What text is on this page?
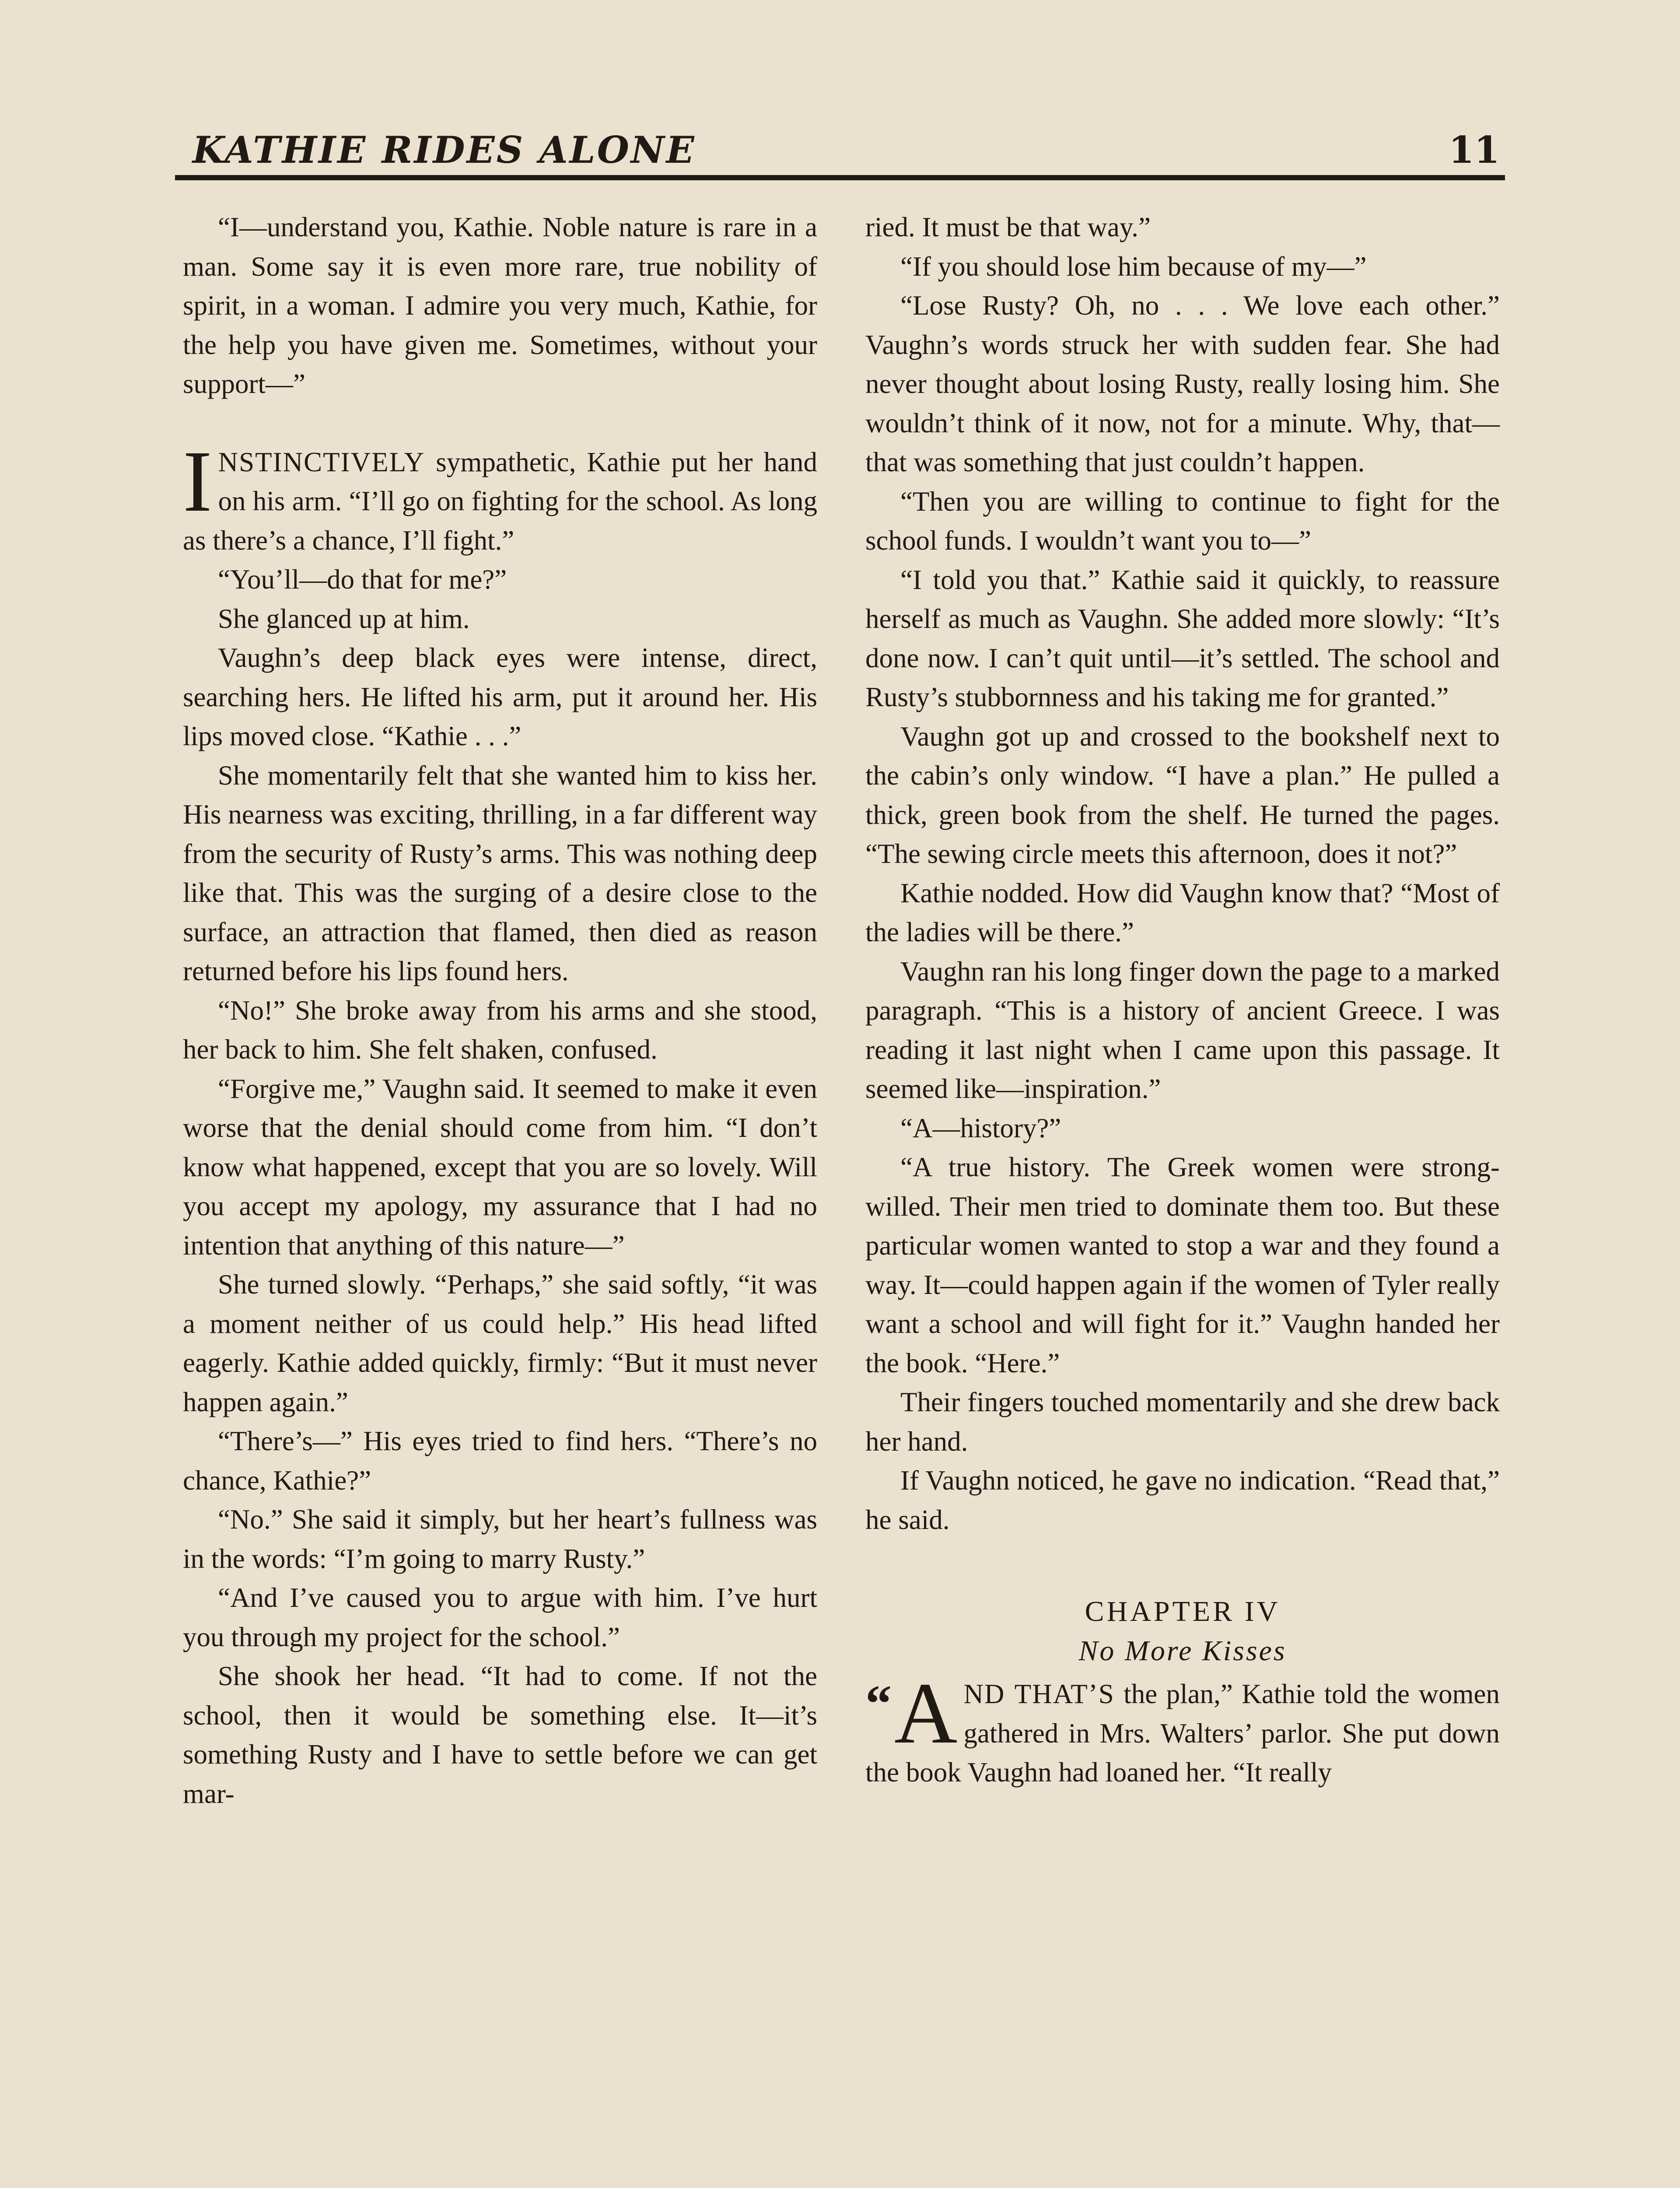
KATHIE RIDES ALONE	11

“I—understand you, Kathie. Noble nature is rare in a man. Some say it is even more rare, true nobility of spirit, in a woman. I admire you very much, Kathie, for the help you have given me. Sometimes, without your support—”

INSTINCTIVELY sympathetic, Kathie put her hand on his arm. “I’ll go on fighting for the school. As long as there’s a chance, I’ll fight.”

“You’ll—do that for me?”

She glanced up at him.

Vaughn’s deep black eyes were intense, direct, searching hers. He lifted his arm, put it around her. His lips moved close. “Kathie . . .”

She momentarily felt that she wanted him to kiss her. His nearness was exciting, thrilling, in a far different way from the security of Rusty’s arms. This was nothing deep like that. This was the surging of a desire close to the surface, an attraction that flamed, then died as reason returned before his lips found hers.

“No!” She broke away from his arms and she stood, her back to him. She felt shaken, confused.

“Forgive me,” Vaughn said. It seemed to make it even worse that the denial should come from him. “I don’t know what happened, except that you are so lovely. Will you accept my apology, my assurance that I had no intention that anything of this nature—”

She turned slowly. “Perhaps,” she said softly, “it was a moment neither of us could help.” His head lifted eagerly. Kathie added quickly, firmly: “But it must never happen again.”

“There’s—” His eyes tried to find hers. “There’s no chance, Kathie?”

“No.” She said it simply, but her heart’s fullness was in the words: “I’m going to marry Rusty.”

“And I’ve caused you to argue with him. I’ve hurt you through my project for the school.”

She shook her head. “It had to come. If not the school, then it would be something else. It—it’s something Rusty and I have to settle before we can get mar-

ried. It must be that way.”

“If you should lose him because of my—”

“Lose Rusty? Oh, no . . . We love each other.” Vaughn’s words struck her with sudden fear. She had never thought about losing Rusty, really losing him. She wouldn’t think of it now, not for a minute. Why, that—that was something that just couldn’t happen.

“Then you are willing to continue to fight for the school funds. I wouldn’t want you to—”

“I told you that.” Kathie said it quickly, to reassure herself as much as Vaughn. She added more slowly: “It’s done now. I can’t quit until—it’s settled. The school and Rusty’s stubbornness and his taking me for granted.”

Vaughn got up and crossed to the bookshelf next to the cabin’s only window. “I have a plan.” He pulled a thick, green book from the shelf. He turned the pages. “The sewing circle meets this afternoon, does it not?”

Kathie nodded. How did Vaughn know that? “Most of the ladies will be there.”

Vaughn ran his long finger down the page to a marked paragraph. “This is a history of ancient Greece. I was reading it last night when I came upon this passage. It seemed like—inspiration.”

“A—history?”

“A true history. The Greek women were strong-willed. Their men tried to dominate them too. But these particular women wanted to stop a war and they found a way. It—could happen again if the women of Tyler really want a school and will fight for it.” Vaughn handed her the book. “Here.”

Their fingers touched momentarily and she drew back her hand.

If Vaughn noticed, he gave no indication. “Read that,” he said.

CHAPTER IV

No More Kisses

“ A ND THAT’S the plan,” Kathie told the women gathered in Mrs. Walters’ parlor. She put down the book Vaughn had loaned her. “It really
